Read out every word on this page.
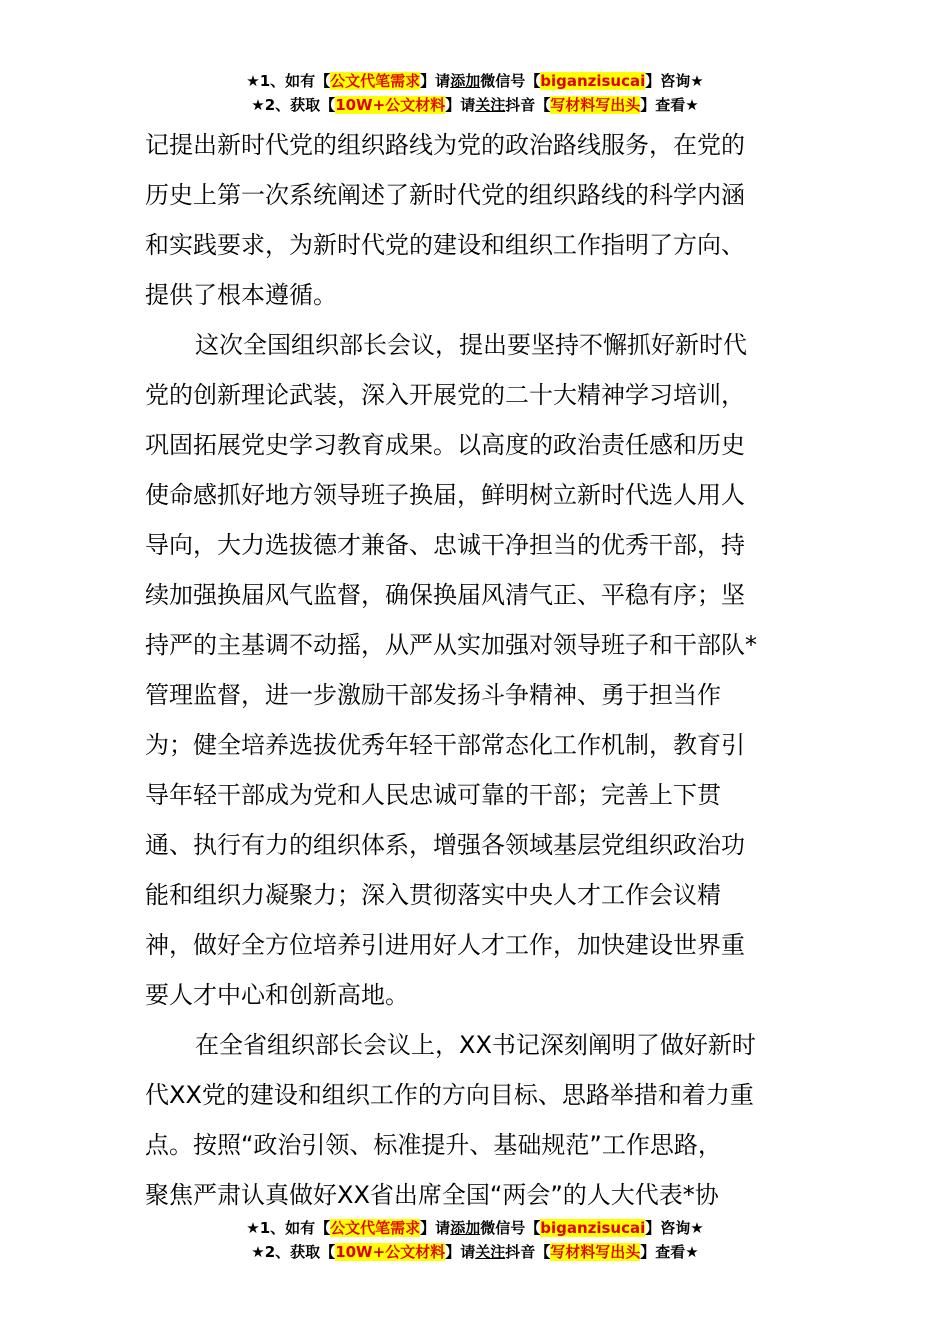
★1、如有【公文代笔需求】请添加微信号【biganzisucai】咨询★
★2、获取【10W+公文材料】请关注抖音【写材料写出头】查看★
记提出新时代党的组织路线为党的政治路线服务，在党的
历史上第一次系统阐述了新时代党的组织路线的科学内涵
和实践要求，为新时代党的建设和组织工作指明了方向、
提供了根本遵循。
这次全国组织部长会议，提出要坚持不懈抓好新时代
党的创新理论武装，深入开展党的二十大精神学习培训，
巩固拓展党史学习教育成果。以高度的政治责任感和历史
使命感抓好地方领导班子换届，鲜明树立新时代选人用人
导向，大力选拔德才兼备、忠诚干净担当的优秀干部，持
续加强换届风气监督，确保换届风清气正、平稳有序；坚
持严的主基调不动摇，从严从实加强对领导班子和干部队*
管理监督，进一步激励干部发扬斗争精神、勇于担当作
为；健全培养选拔优秀年轻干部常态化工作机制，教育引
导年轻干部成为党和人民忠诚可靠的干部；完善上下贯
通、执行有力的组织体系，增强各领域基层党组织政治功
能和组织力凝聚力；深入贯彻落实中央人才工作会议精
神，做好全方位培养引进用好人才工作，加快建设世界重
要人才中心和创新高地。
在全省组织部长会议上，XX书记深刻阐明了做好新时
代XX党的建设和组织工作的方向目标、思路举措和着力重
点。按照“政治引领、标准提升、基础规范”工作思路，
聚焦严肃认真做好XX省出席全国“两会”的人大代表*协
★1、如有【公文代笔需求】请添加微信号【biganzisucai】咨询★
★2、获取【10W+公文材料】请关注抖音【写材料写出头】查看★
